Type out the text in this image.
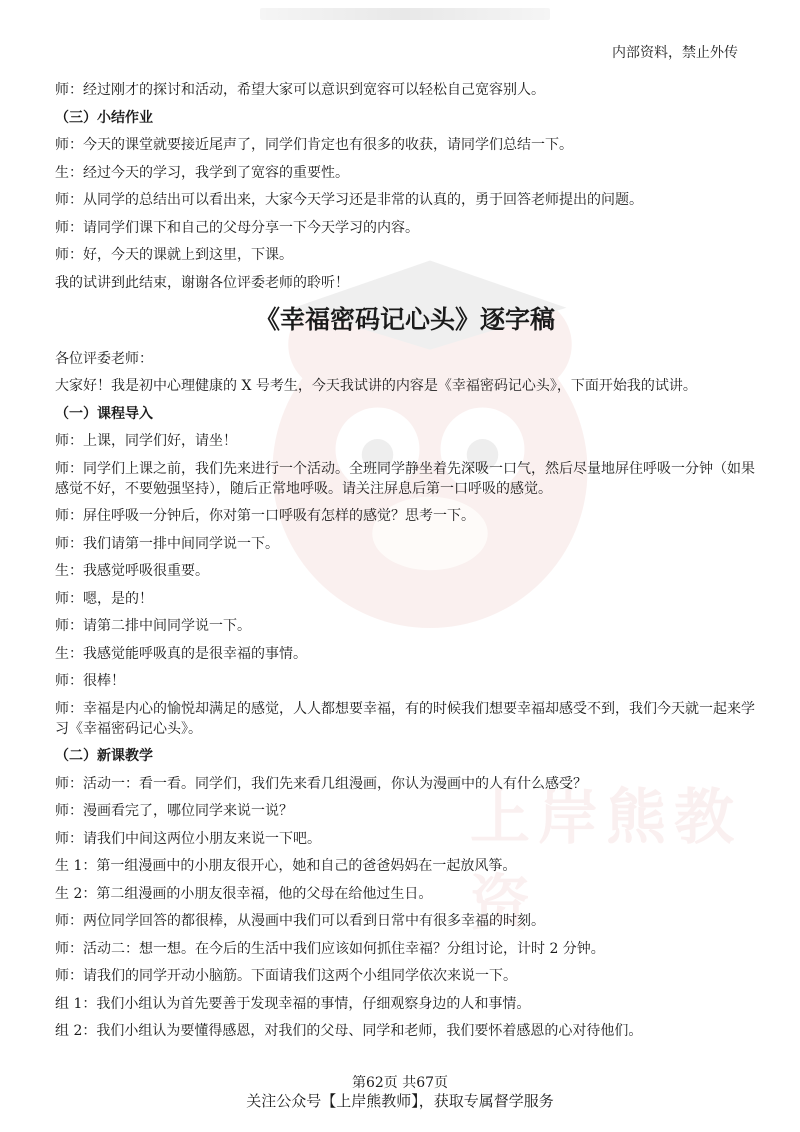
内部资料，禁止外传
上岸熊教资

师：经过刚才的探讨和活动，希望大家可以意识到宽容可以轻松自己宽容别人。

（三）小结作业

师：今天的课堂就要接近尾声了，同学们肯定也有很多的收获，请同学们总结一下。

生：经过今天的学习，我学到了宽容的重要性。

师：从同学的总结出可以看出来，大家今天学习还是非常的认真的，勇于回答老师提出的问题。

师：请同学们课下和自己的父母分享一下今天学习的内容。

师：好，今天的课就上到这里，下课。

我的试讲到此结束，谢谢各位评委老师的聆听！

《幸福密码记心头》逐字稿

各位评委老师：

大家好！我是初中心理健康的 X 号考生，今天我试讲的内容是《幸福密码记心头》，下面开始我的试讲。

（一）课程导入

师：上课，同学们好，请坐！

师：同学们上课之前，我们先来进行一个活动。全班同学静坐着先深吸一口气，然后尽量地屏住呼吸一分钟（如果感觉不好，不要勉强坚持），随后正常地呼吸。请关注屏息后第一口呼吸的感觉。

师：屏住呼吸一分钟后，你对第一口呼吸有怎样的感觉？思考一下。

师：我们请第一排中间同学说一下。

生：我感觉呼吸很重要。

师：嗯，是的！

师：请第二排中间同学说一下。

生：我感觉能呼吸真的是很幸福的事情。

师：很棒！

师：幸福是内心的愉悦却满足的感觉，人人都想要幸福，有的时候我们想要幸福却感受不到，我们今天就一起来学习《幸福密码记心头》。

（二）新课教学

师：活动一：看一看。同学们，我们先来看几组漫画，你认为漫画中的人有什么感受？

师：漫画看完了，哪位同学来说一说？

师：请我们中间这两位小朋友来说一下吧。

生 1：第一组漫画中的小朋友很开心，她和自己的爸爸妈妈在一起放风筝。

生 2：第二组漫画的小朋友很幸福，他的父母在给他过生日。

师：两位同学回答的都很棒，从漫画中我们可以看到日常中有很多幸福的时刻。

师：活动二：想一想。在今后的生活中我们应该如何抓住幸福？分组讨论，计时 2 分钟。

师：请我们的同学开动小脑筋。下面请我们这两个小组同学依次来说一下。

组 1：我们小组认为首先要善于发现幸福的事情，仔细观察身边的人和事情。

组 2：我们小组认为要懂得感恩，对我们的父母、同学和老师，我们要怀着感恩的心对待他们。

第62页 共67页
关注公众号【上岸熊教师】，获取专属督学服务
